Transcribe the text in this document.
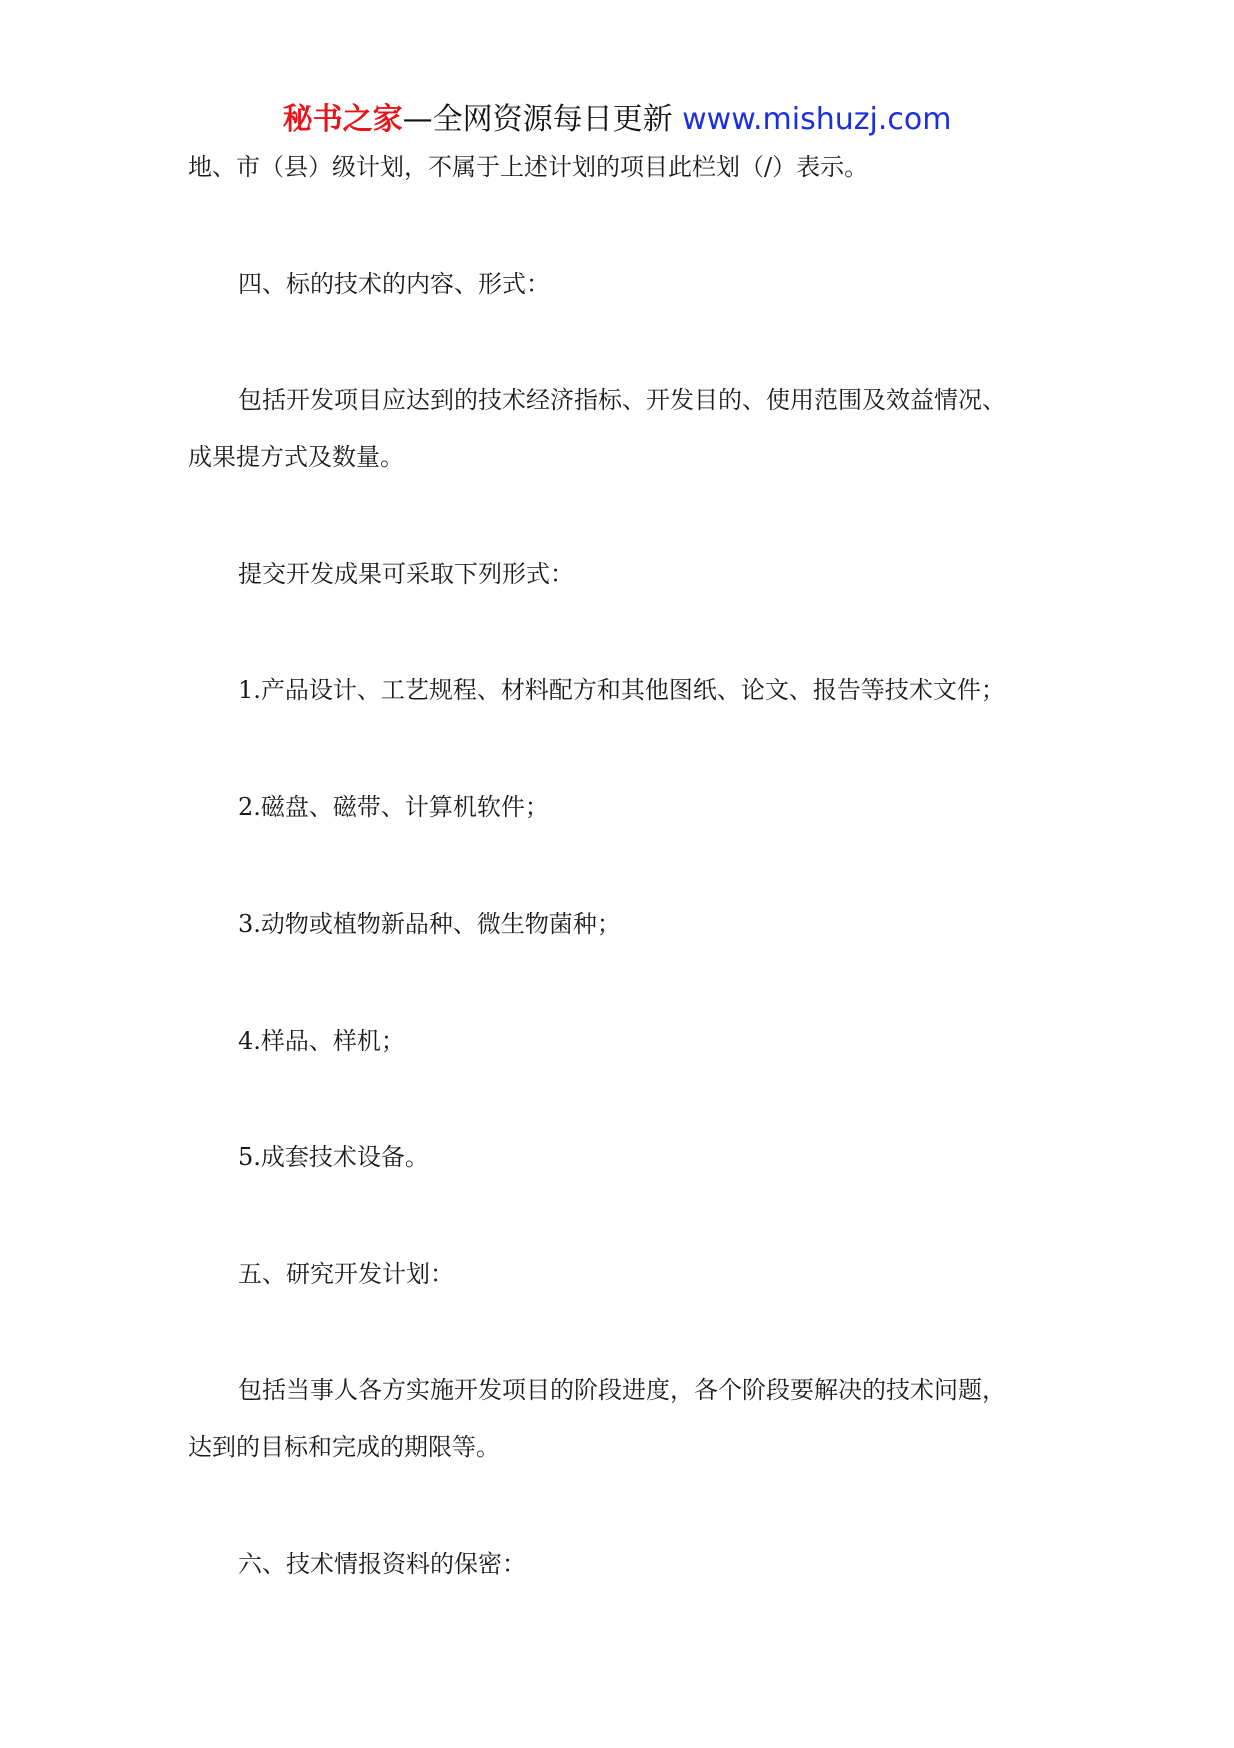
秘书之家—全网资源每日更新 www.mishuzj.com
地、市（县）级计划，不属于上述计划的项目此栏划（/）表示。
四、标的技术的内容、形式：
包括开发项目应达到的技术经济指标、开发目的、使用范围及效益情况、
成果提方式及数量。
提交开发成果可采取下列形式：
1.产品设计、工艺规程、材料配方和其他图纸、论文、报告等技术文件；
2.磁盘、磁带、计算机软件；
3.动物或植物新品种、微生物菌种；
4.样品、样机；
5.成套技术设备。
五、研究开发计划：
包括当事人各方实施开发项目的阶段进度，各个阶段要解决的技术问题，
达到的目标和完成的期限等。
六、技术情报资料的保密：
